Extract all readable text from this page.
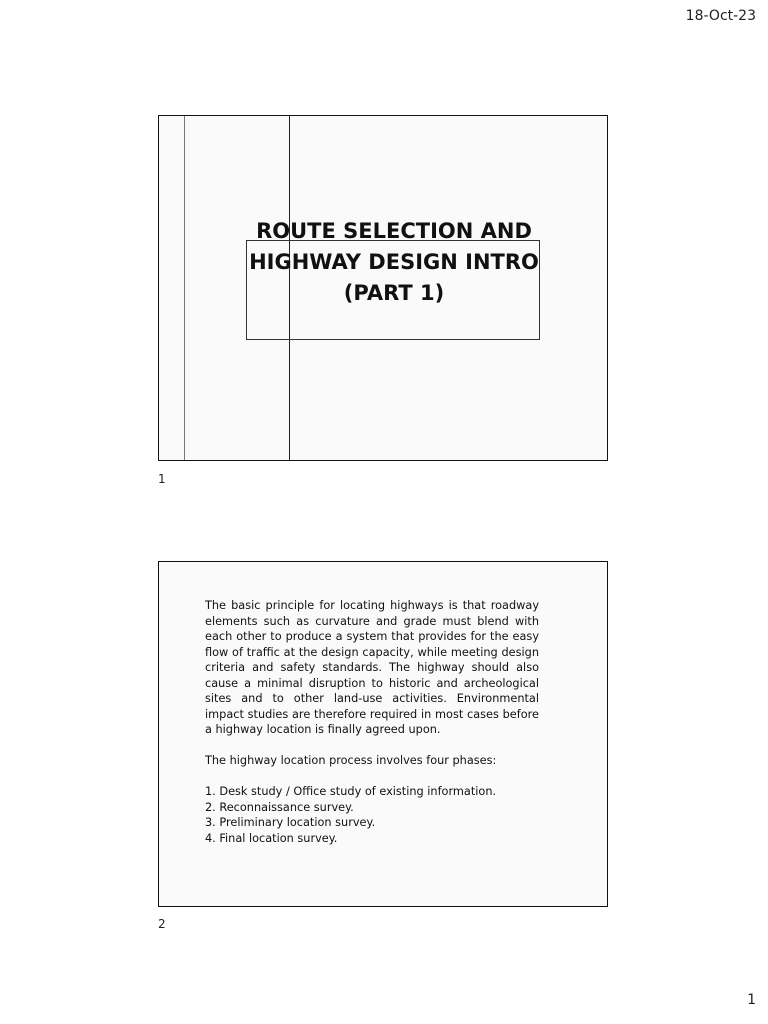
18-Oct-23
ROUTE SELECTION AND
HIGHWAY DESIGN INTRO
(PART 1)
1

The basic principle for locating highways is that roadway elements such as curvature and grade must blend with each other to produce a system that provides for the easy flow of traffic at the design capacity, while meeting design criteria and safety standards. The highway should also cause a minimal disruption to historic and archeological sites and to other land-use activities. Environmental impact studies are therefore required in most cases before a highway location is finally agreed upon.

The highway location process involves four phases:

1. Desk study / Office study of existing information.
2. Reconnaissance survey.
3. Preliminary location survey.
4. Final location survey.
2
1
